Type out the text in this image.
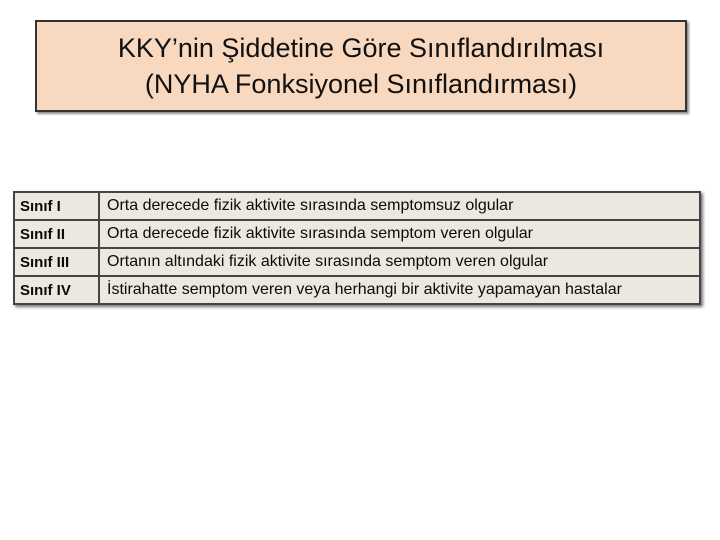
KKY’nin Şiddetine Göre Sınıflandırılması
(NYHA Fonksiyonel Sınıflandırması)
Sınıf I	Orta derecede fizik aktivite sırasında semptomsuz olgular
Sınıf II	Orta derecede fizik aktivite sırasında semptom veren olgular
Sınıf III	Ortanın altındaki fizik aktivite sırasında semptom veren olgular
Sınıf IV	İstirahatte semptom veren veya herhangi bir aktivite yapamayan hastalar
